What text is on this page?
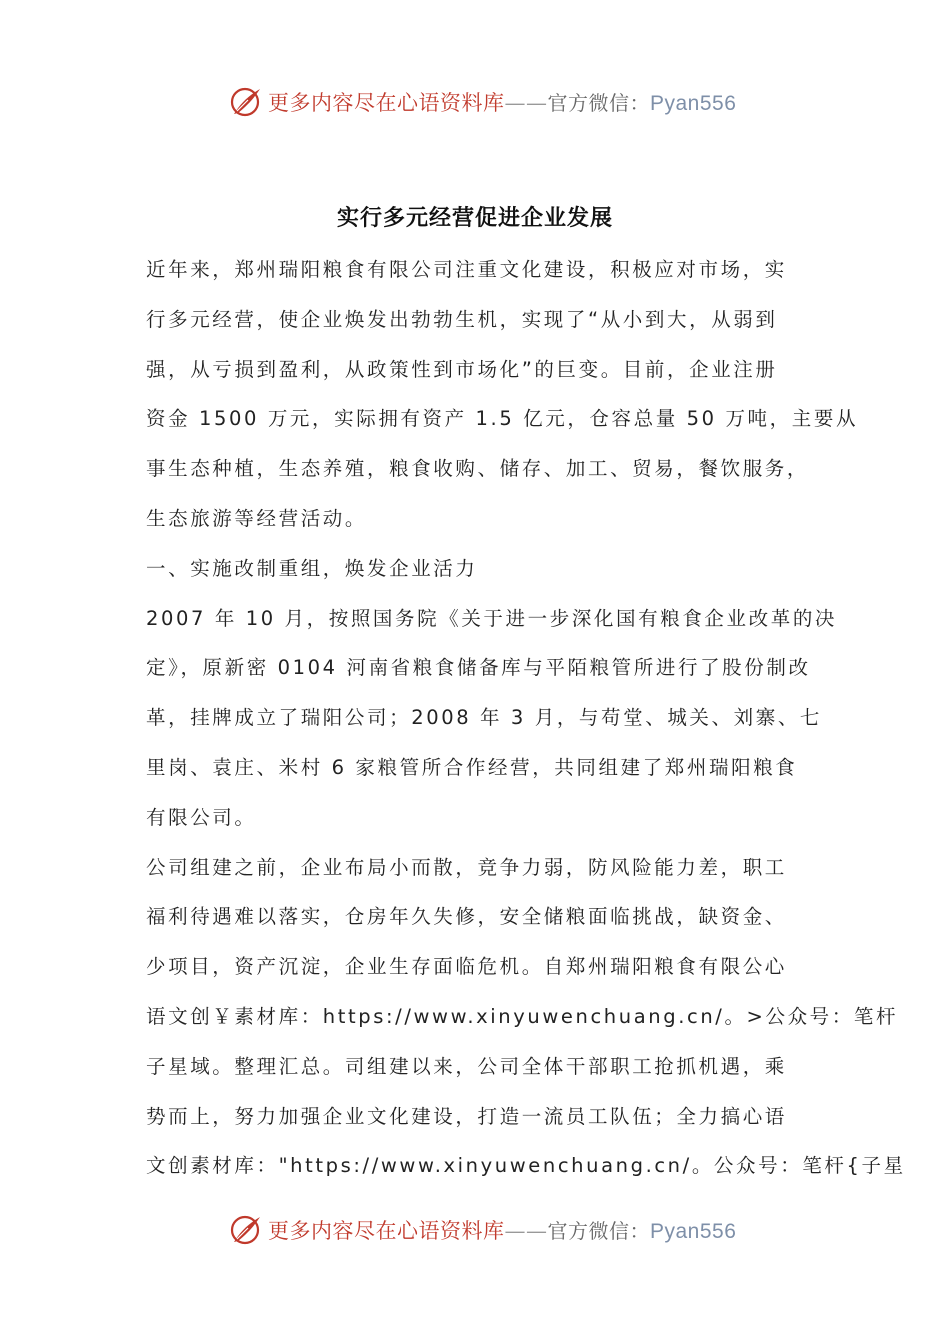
更多内容尽在心语资料库——官方微信：Pyan556
实行多元经营促进企业发展
近年来，郑州瑞阳粮食有限公司注重文化建设，积极应对市场，实
行多元经营，使企业焕发出勃勃生机，实现了“从小到大，从弱到
强，从亏损到盈利，从政策性到市场化”的巨变。目前，企业注册
资金 1500 万元，实际拥有资产 1.5 亿元，仓容总量 50 万吨，主要从
事生态种植，生态养殖，粮食收购、储存、加工、贸易，餐饮服务，
生态旅游等经营活动。
一、实施改制重组，焕发企业活力
2007 年 10 月，按照国务院《关于进一步深化国有粮食企业改革的决
定》，原新密 0104 河南省粮食储备库与平陌粮管所进行了股份制改
革，挂牌成立了瑞阳公司；2008 年 3 月，与苟堂、城关、刘寨、七
里岗、袁庄、米村 6 家粮管所合作经营，共同组建了郑州瑞阳粮食
有限公司。
公司组建之前，企业布局小而散，竞争力弱，防风险能力差，职工
福利待遇难以落实，仓房年久失修，安全储粮面临挑战，缺资金、
少项目，资产沉淀，企业生存面临危机。自郑州瑞阳粮食有限公心
语文创￥素材库：https://www.xinyuwenchuang.cn/。>公众号：笔杆
子星域。整理汇总。司组建以来，公司全体干部职工抢抓机遇，乘
势而上，努力加强企业文化建设，打造一流员工队伍；全力搞心语
文创素材库："https://www.xinyuwenchuang.cn/。公众号：笔杆{子星
更多内容尽在心语资料库——官方微信：Pyan556
